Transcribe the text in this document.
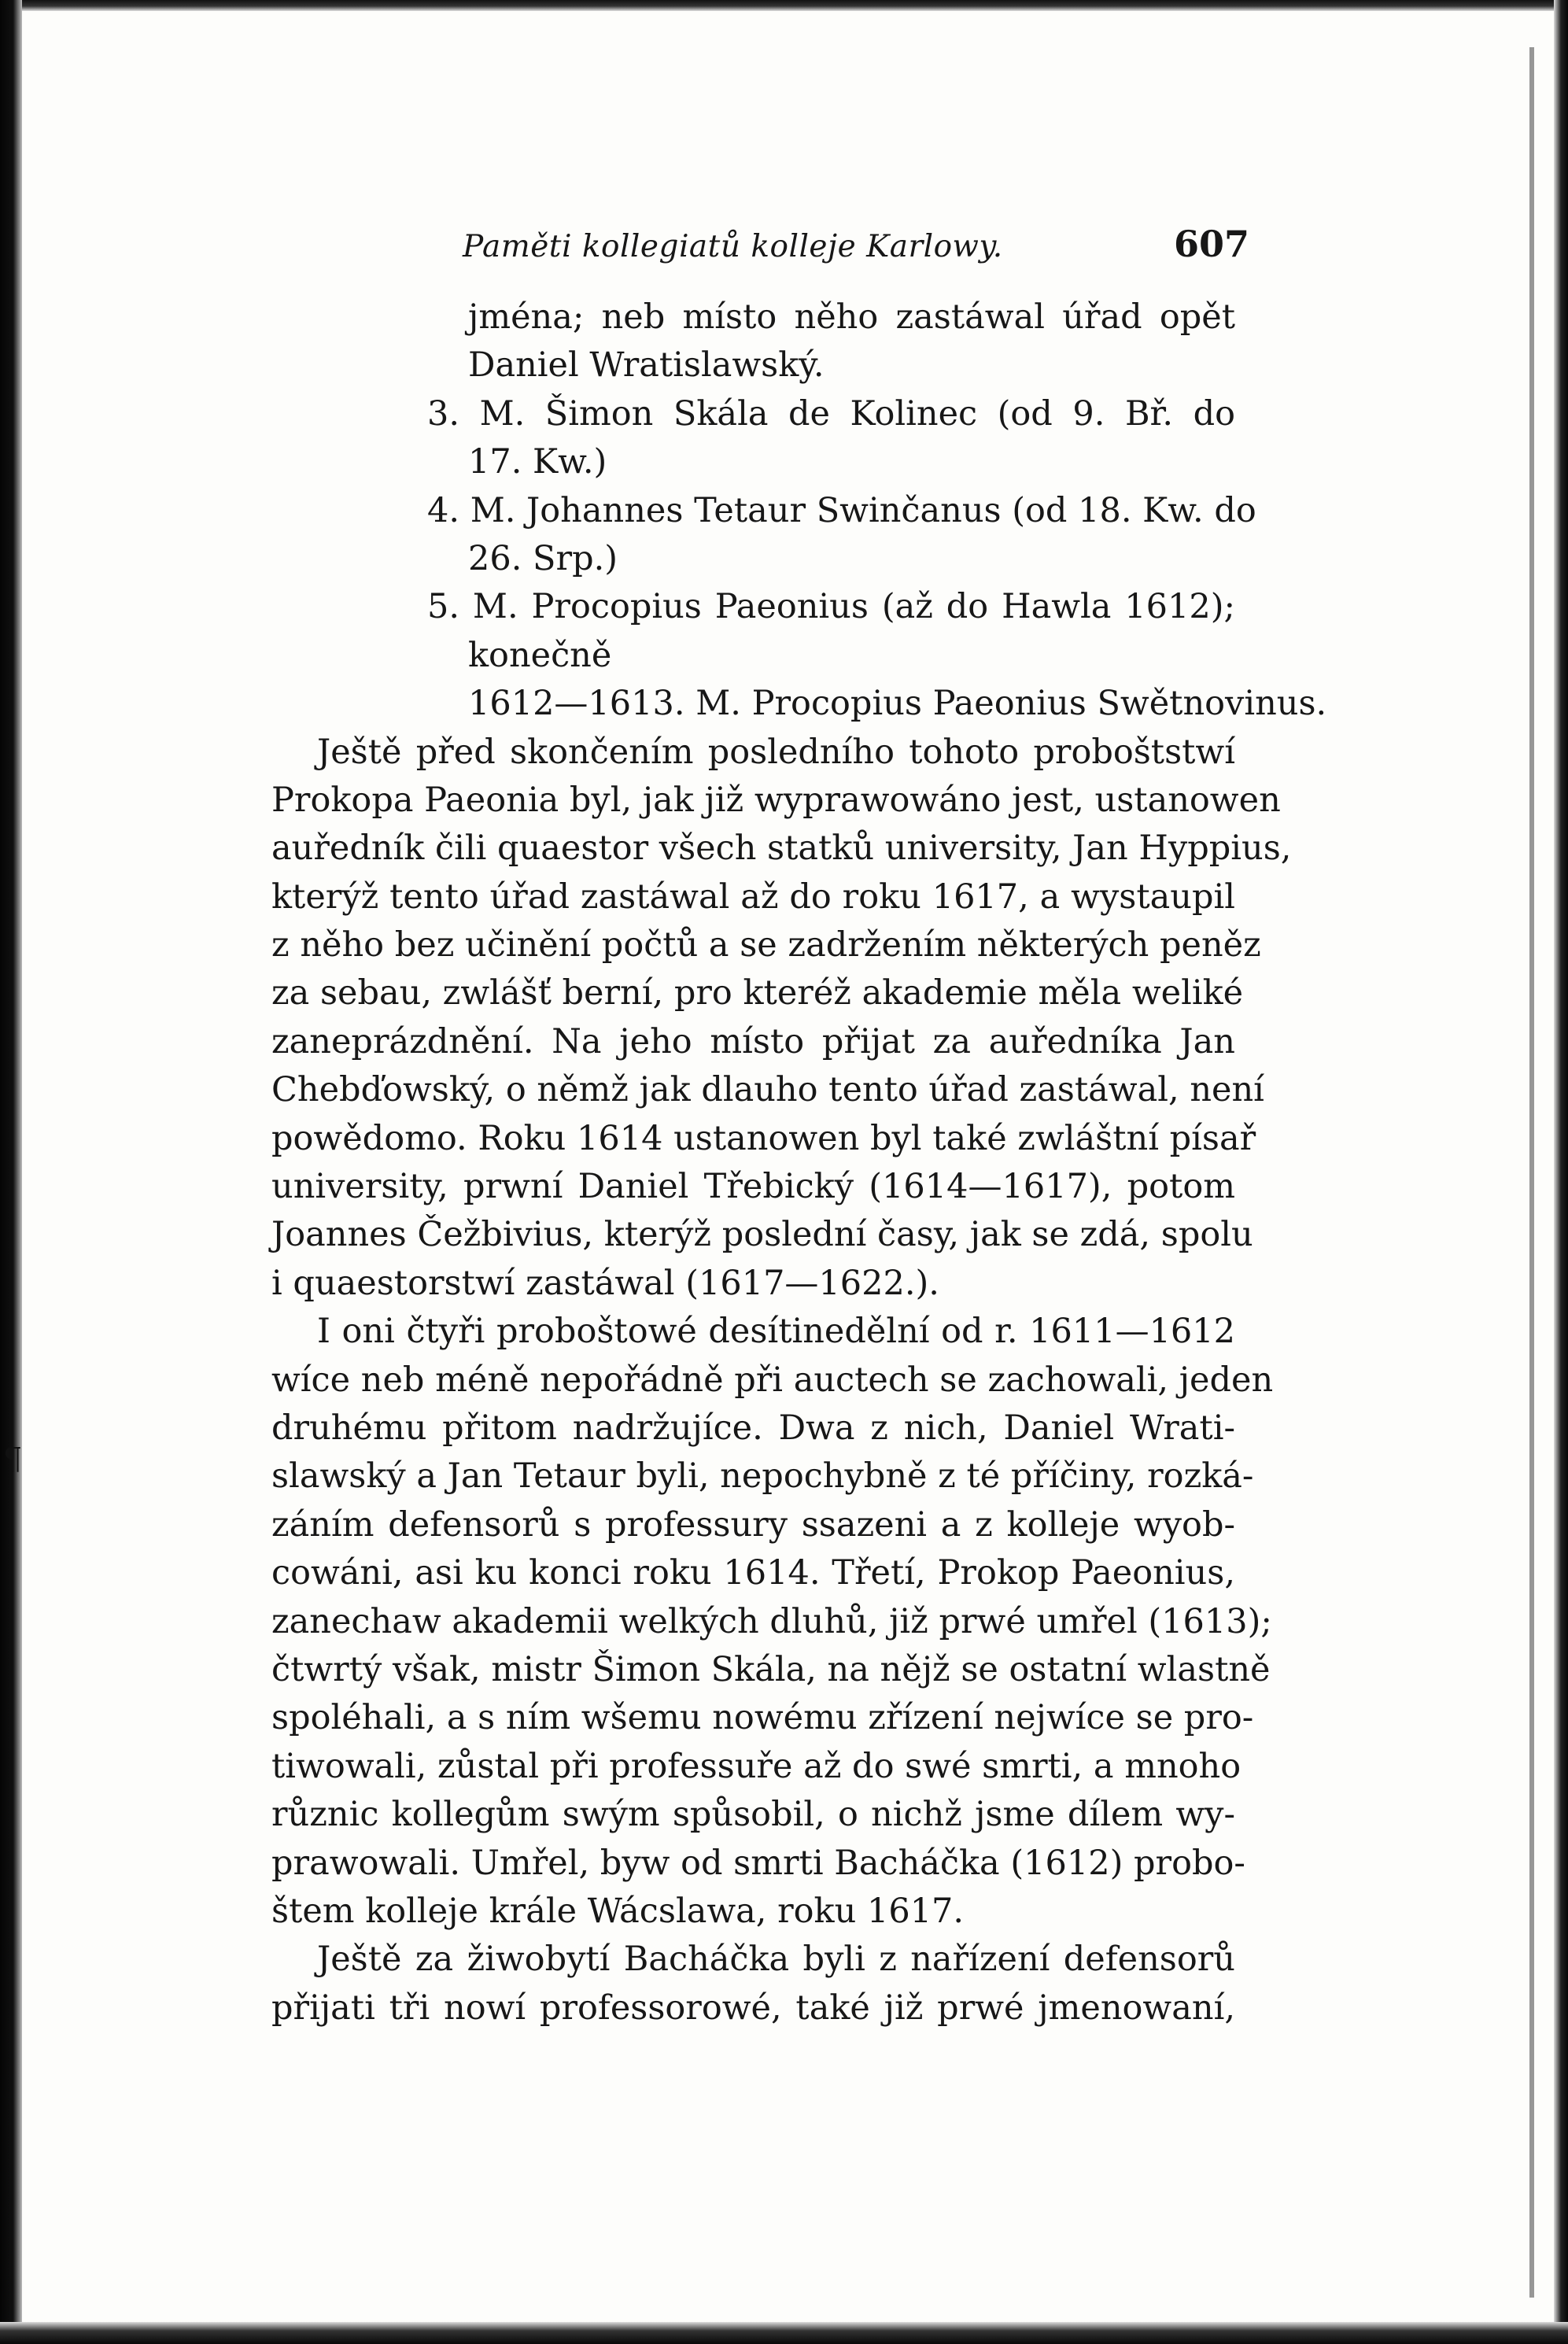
Paměti kollegiatů kolleje Karlowy.	607
¶
jména; neb místo něho zastáwal úřad opět
Daniel Wratislawský.
3. M. Šimon Skála de Kolinec (od 9. Bř. do
17. Kw.)
4. M. Johannes Tetaur Swinčanus (od 18. Kw. do
26. Srp.)
5. M. Procopius Paeonius (až do Hawla 1612);
konečně
1612—1613. M. Procopius Paeonius Swětnovinus.
Ještě před skončením posledního tohoto proboštstwí
Prokopa Paeonia byl, jak již wyprawowáno jest, ustanowen
auředník čili quaestor všech statků university, Jan Hyppius,
kterýž tento úřad zastáwal až do roku 1617, a wystaupil
z něho bez učinění počtů a se zadržením některých peněz
za sebau, zwlášť berní, pro kteréž akademie měla weliké
zaneprázdnění. Na jeho místo přijat za auředníka Jan
Chebďowský, o němž jak dlauho tento úřad zastáwal, není
powědomo. Roku 1614 ustanowen byl také zwláštní písař
university, prwní Daniel Třebický (1614—1617), potom
Joannes Čežbivius, kterýž poslední časy, jak se zdá, spolu
i quaestorstwí zastáwal (1617—1622.).
I oni čtyři proboštowé desítinedělní od r. 1611—1612
wíce neb méně nepořádně při auctech se zachowali, jeden
druhému přitom nadržujíce. Dwa z nich, Daniel Wrati-
slawský a Jan Tetaur byli, nepochybně z té příčiny, rozká-
záním defensorů s professury ssazeni a z kolleje wyob-
cowáni, asi ku konci roku 1614. Třetí, Prokop Paeonius,
zanechaw akademii welkých dluhů, již prwé umřel (1613);
čtwrtý však, mistr Šimon Skála, na nějž se ostatní wlastně
spoléhali, a s ním wšemu nowému zřízení nejwíce se pro-
tiwowali, zůstal při professuře až do swé smrti, a mnoho
různic kollegům swým spůsobil, o nichž jsme dílem wy-
prawowali. Umřel, byw od smrti Bacháčka (1612) probo-
štem kolleje krále Wácslawa, roku 1617.
Ještě za žiwobytí Bacháčka byli z nařízení defensorů
přijati tři nowí professorowé, také již prwé jmenowaní,
